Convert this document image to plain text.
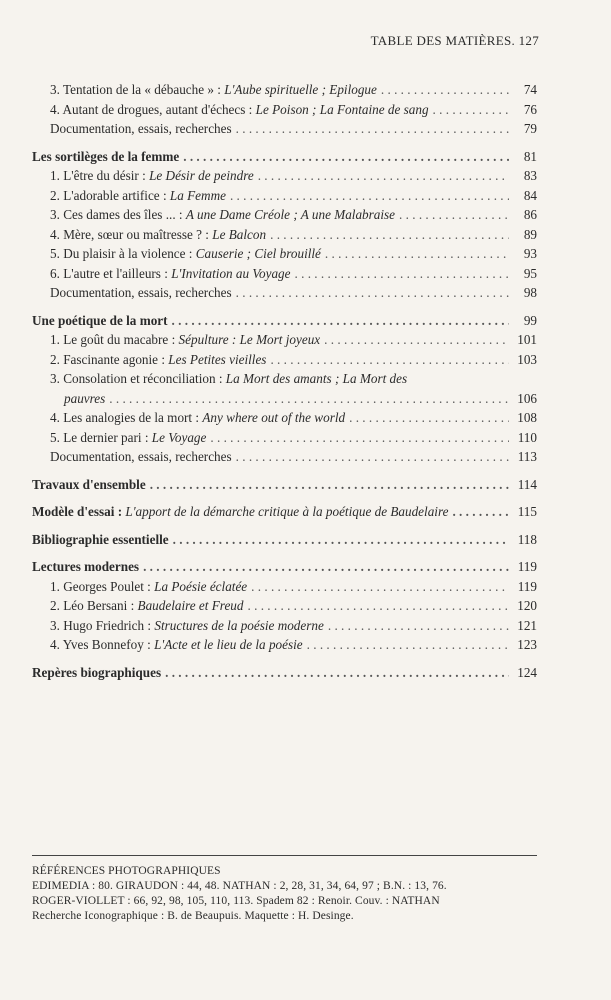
TABLE DES MATIÈRES. 127
3. Tentation de la « débauche » : L'Aube spirituelle ; Epilogue . . .	74
4. Autant de drogues, autant d'échecs : Le Poison ; La Fontaine de sang . . .	76
Documentation, essais, recherches . . .	79
Les sortilèges de la femme . . .	81
1. L'être du désir : Le Désir de peindre . . .	83
2. L'adorable artifice : La Femme . . .	84
3. Ces dames des îles ... : A une Dame Créole ; A une Malabraise . . .	86
4. Mère, sœur ou maîtresse ? : Le Balcon . . .	89
5. Du plaisir à la violence : Causerie ; Ciel brouillé . . .	93
6. L'autre et l'ailleurs : L'Invitation au Voyage . . .	95
Documentation, essais, recherches . . .	98
Une poétique de la mort . . .	99
1. Le goût du macabre : Sépulture : Le Mort joyeux . . .	101
2. Fascinante agonie : Les Petites vieilles . . .	103
3. Consolation et réconciliation : La Mort des amants ; La Mort des
pauvres . . .	106
4. Les analogies de la mort : Any where out of the world . . .	108
5. Le dernier pari : Le Voyage . . .	110
Documentation, essais, recherches . . .	113
Travaux d'ensemble . . .	114
Modèle d'essai : L'apport de la démarche critique à la poétique de Baudelaire . . .	115
Bibliographie essentielle . . .	118
Lectures modernes . . .	119
1. Georges Poulet : La Poésie éclatée . . .	119
2. Léo Bersani : Baudelaire et Freud . . .	120
3. Hugo Friedrich : Structures de la poésie moderne . . .	121
4. Yves Bonnefoy : L'Acte et le lieu de la poésie . . .	123
Repères biographiques . . .	124
RÉFÉRENCES PHOTOGRAPHIQUES
EDIMEDIA : 80. GIRAUDON : 44, 48. NATHAN : 2, 28, 31, 34, 64, 97 ; B.N. : 13, 76.
ROGER-VIOLLET : 66, 92, 98, 105, 110, 113. Spadem 82 : Renoir. Couv. : NATHAN
Recherche Iconographique : B. de Beaupuis. Maquette : H. Desinge.
